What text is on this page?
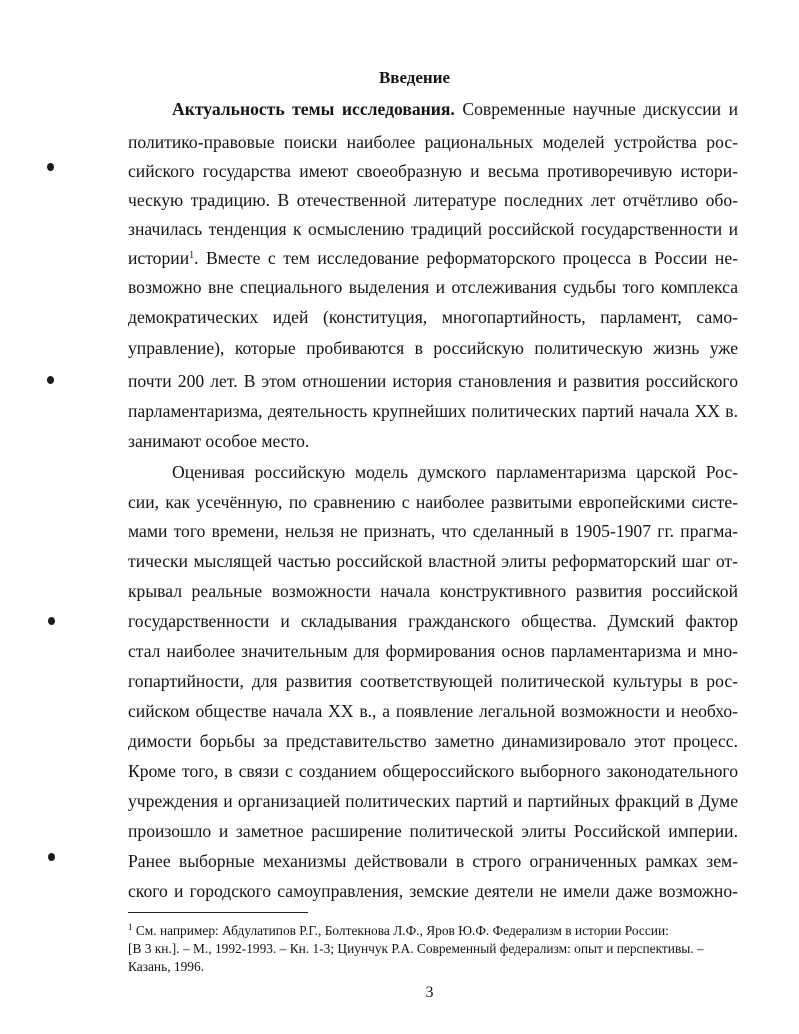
Введение
Актуальность темы исследования. Современные научные дискуссии и
политико-правовые поиски наиболее рациональных моделей устройства рос-
сийского государства имеют своеобразную и весьма противоречивую истори-
ческую традицию. В отечественной литературе последних лет отчётливо обо-
значилась тенденция к осмыслению традиций российской государственности и
истории$^1$. Вместе с тем исследование реформаторского процесса в России не-
возможно вне специального выделения и отслеживания судьбы того комплекса
демократических идей (конституция, многопартийность, парламент, само-
управление), которые пробиваются в российскую политическую жизнь уже
почти 200 лет. В этом отношении история становления и развития российского
парламентаризма, деятельность крупнейших политических партий начала XX в.
занимают особое место.
Оценивая российскую модель думского парламентаризма царской Рос-
сии, как усечённую, по сравнению с наиболее развитыми европейскими систе-
мами того времени, нельзя не признать, что сделанный в 1905-1907 гг. прагма-
тически мыслящей частью российской властной элиты реформаторский шаг от-
крывал реальные возможности начала конструктивного развития российской
государственности и складывания гражданского общества. Думский фактор
стал наиболее значительным для формирования основ парламентаризма и мно-
гопартийности, для развития соответствующей политической культуры в рос-
сийском обществе начала XX в., а появление легальной возможности и необхо-
димости борьбы за представительство заметно динамизировало этот процесс.
Кроме того, в связи с созданием общероссийского выборного законодательного
учреждения и организацией политических партий и партийных фракций в Думе
произошло и заметное расширение политической элиты Российской империи.
Ранее выборные механизмы действовали в строго ограниченных рамках зем-
ского и городского самоуправления, земские деятели не имели даже возможно-
$^1$ См. например: Абдулатипов Р.Г., Болтекнова Л.Ф., Яров Ю.Ф. Федерализм в истории России:
[В 3 кн.]. – М., 1992-1993. – Кн. 1-3; Циунчук Р.А. Современный федерализм: опыт и перспективы. –
Казань, 1996.
3
